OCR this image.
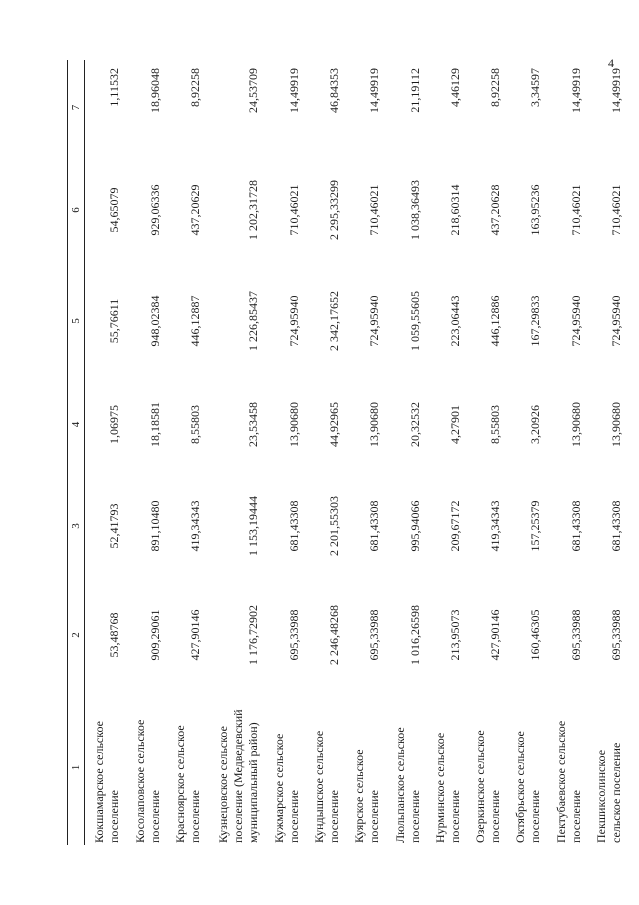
4
1	2	3	4	5	6	7

Кокшамарское сельское поселение	53,48768	52,41793	1,06975	55,76611	54,65079	1,11532

Косолаповское сельское поселение	909,29061	891,10480	18,18581	948,02384	929,06336	18,96048

Красноярское сельское поселение	427,90146	419,34343	8,55803	446,12887	437,20629	8,92258

Кузнецовское сельское поселение (Медведевский муниципальный район)	1 176,72902	1 153,19444	23,53458	1 226,85437	1 202,31728	24,53709

Кужмарское сельское поселение	695,33988	681,43308	13,90680	724,95940	710,46021	14,49919

Кундышское сельское поселение	2 246,48268	2 201,55303	44,92965	2 342,17652	2 295,33299	46,84353

Куярское сельское поселение	695,33988	681,43308	13,90680	724,95940	710,46021	14,49919

Люльпанское сельское поселение	1 016,26598	995,94066	20,32532	1 059,55605	1 038,36493	21,19112

Нурминское сельское поселение	213,95073	209,67172	4,27901	223,06443	218,60314	4,46129

Озеркинское сельское поселение	427,90146	419,34343	8,55803	446,12886	437,20628	8,92258

Октябрьское сельское поселение	160,46305	157,25379	3,20926	167,29833	163,95236	3,34597

Пектубаевское сельское поселение	695,33988	681,43308	13,90680	724,95940	710,46021	14,49919

Пекшиксолинское сельское поселение	695,33988	681,43308	13,90680	724,95940	710,46021	14,49919
